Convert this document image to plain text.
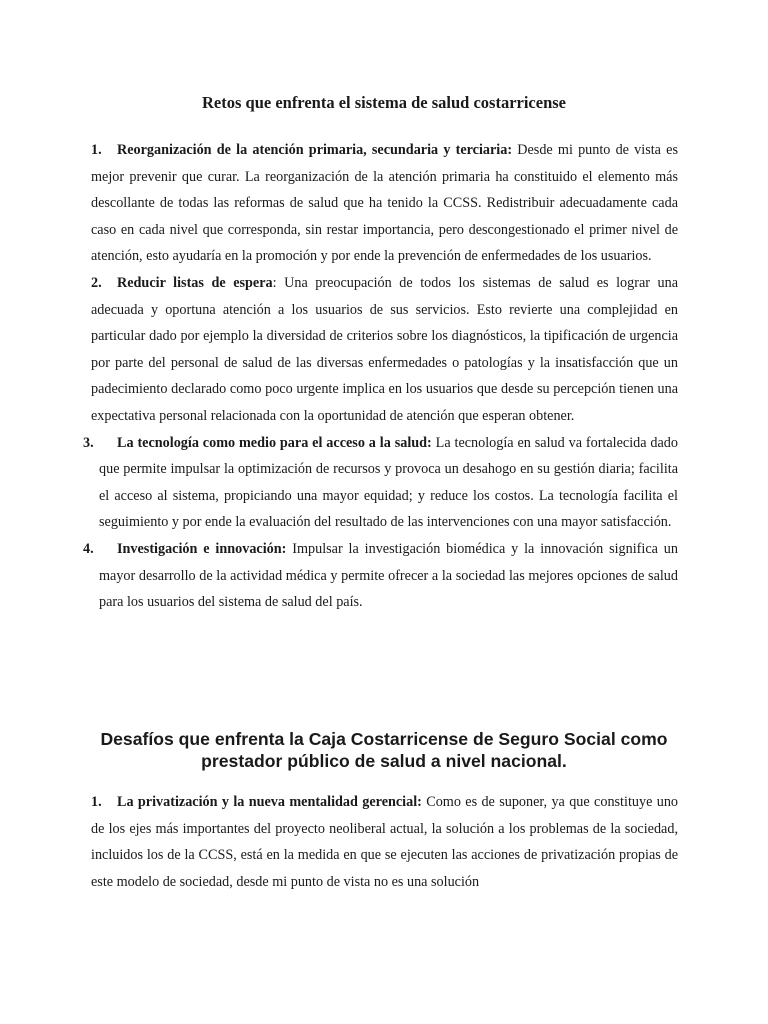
Retos que enfrenta el sistema de salud costarricense

1. Reorganización de la atención primaria, secundaria y terciaria: Desde mi punto de vista es mejor prevenir que curar. La reorganización de la atención primaria ha constituido el elemento más descollante de todas las reformas de salud que ha tenido la CCSS. Redistribuir adecuadamente cada caso en cada nivel que corresponda, sin restar importancia, pero descongestionado el primer nivel de atención, esto ayudaría en la promoción y por ende la prevención de enfermedades de los usuarios.

2. Reducir listas de espera: Una preocupación de todos los sistemas de salud es lograr una adecuada y oportuna atención a los usuarios de sus servicios. Esto revierte una complejidad en particular dado por ejemplo la diversidad de criterios sobre los diagnósticos, la tipificación de urgencia por parte del personal de salud de las diversas enfermedades o patologías y la insatisfacción que un padecimiento declarado como poco urgente implica en los usuarios que desde su percepción tienen una expectativa personal relacionada con la oportunidad de atención que esperan obtener.

3. La tecnología como medio para el acceso a la salud: La tecnología en salud va fortalecida dado que permite impulsar la optimización de recursos y provoca un desahogo en su gestión diaria; facilita el acceso al sistema, propiciando una mayor equidad; y reduce los costos. La tecnología facilita el seguimiento y por ende la evaluación del resultado de las intervenciones con una mayor satisfacción.

4. Investigación e innovación: Impulsar la investigación biomédica y la innovación significa un mayor desarrollo de la actividad médica y permite ofrecer a la sociedad las mejores opciones de salud para los usuarios del sistema de salud del país.

Desafíos que enfrenta la Caja Costarricense de Seguro Social como prestador público de salud a nivel nacional.

1. La privatización y la nueva mentalidad gerencial: Como es de suponer, ya que constituye uno de los ejes más importantes del proyecto neoliberal actual, la solución a los problemas de la sociedad, incluidos los de la CCSS, está en la medida en que se ejecuten las acciones de privatización propias de este modelo de sociedad, desde mi punto de vista no es una solución
